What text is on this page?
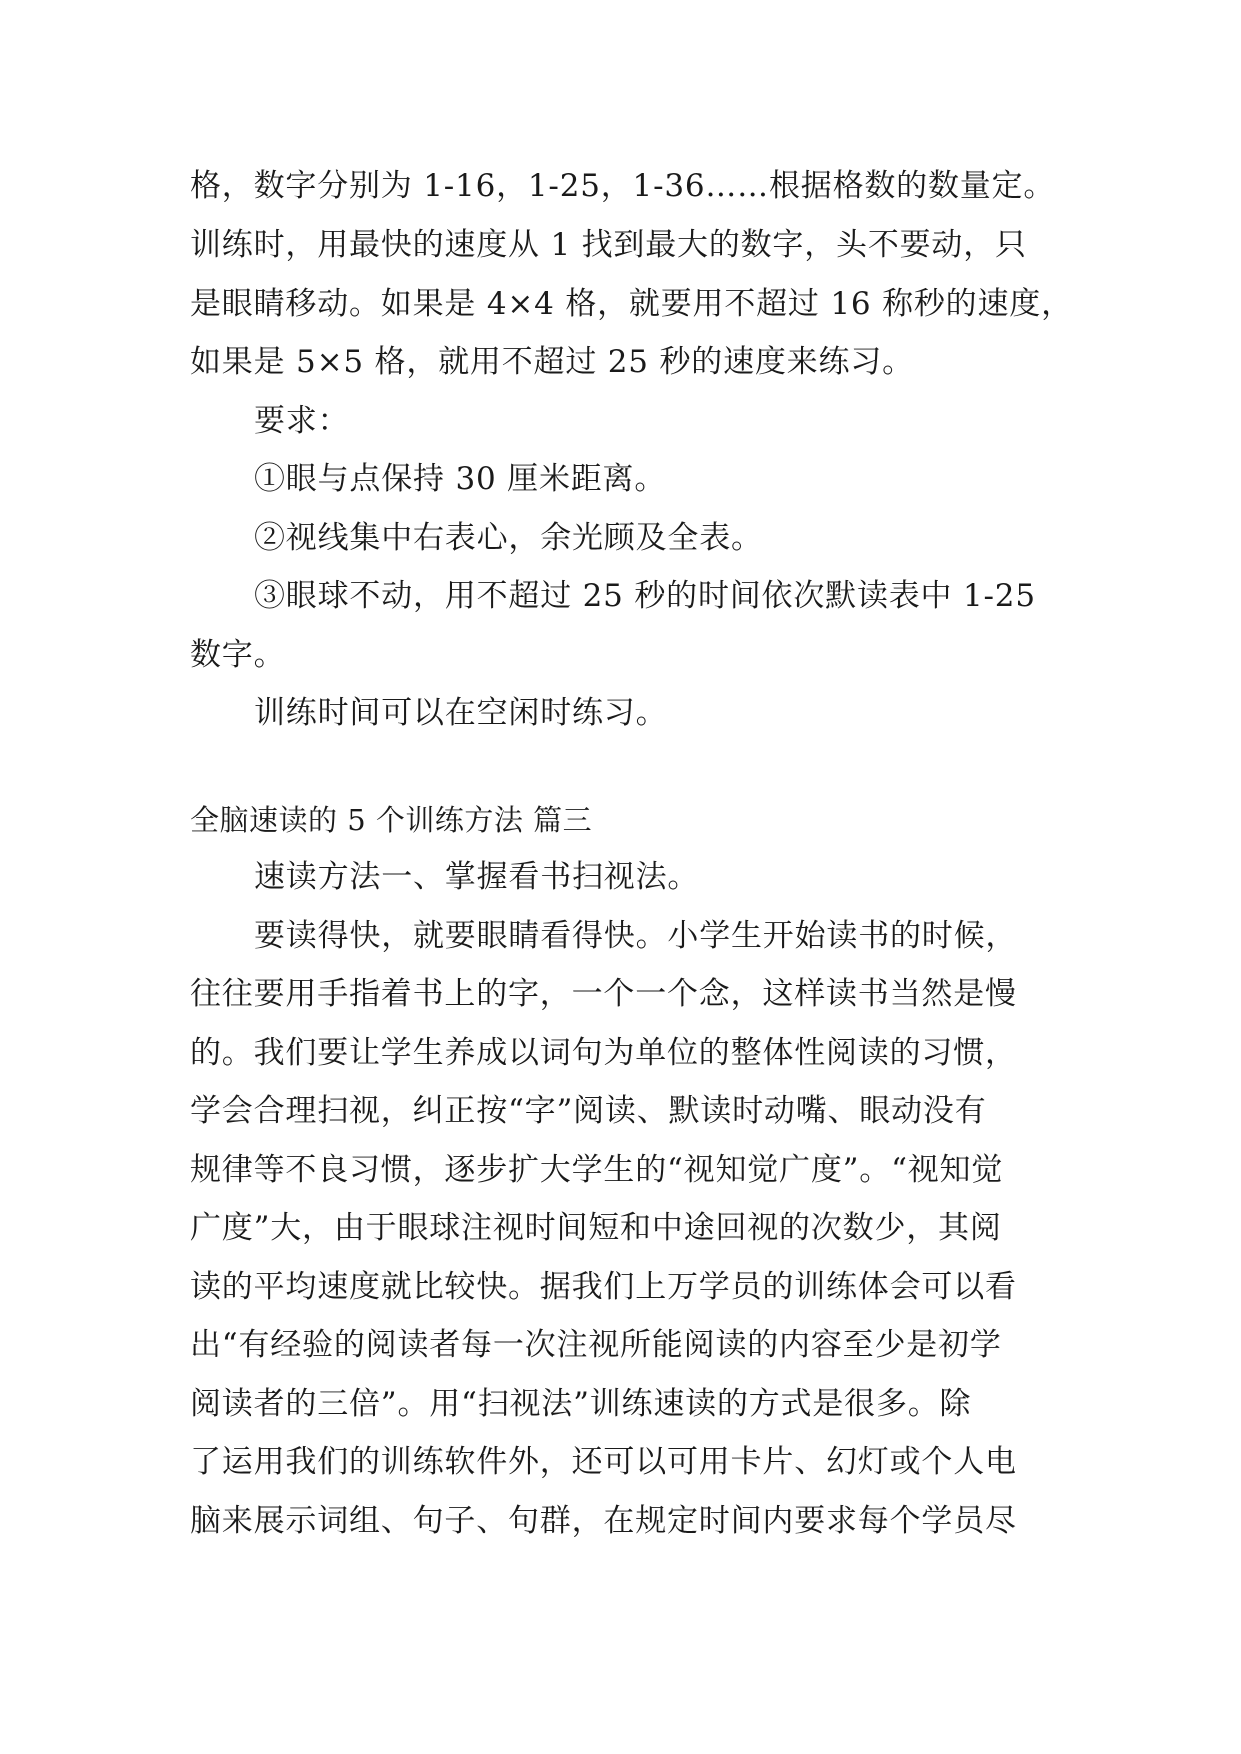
格，数字分别为 1-16，1-25，1-36……根据格数的数量定。
训练时，用最快的速度从 1 找到最大的数字，头不要动，只
是眼睛移动。如果是 4×4 格，就要用不超过 16 称秒的速度，
如果是 5×5 格，就用不超过 25 秒的速度来练习。
要求：
①眼与点保持 30 厘米距离。
②视线集中右表心，余光顾及全表。
③眼球不动，用不超过 25 秒的时间依次默读表中 1-25
数字。
训练时间可以在空闲时练习。
全脑速读的 5 个训练方法 篇三
速读方法一、掌握看书扫视法。
要读得快，就要眼睛看得快。小学生开始读书的时候，
往往要用手指着书上的字，一个一个念，这样读书当然是慢
的。我们要让学生养成以词句为单位的整体性阅读的习惯，
学会合理扫视，纠正按“字”阅读、默读时动嘴、眼动没有
规律等不良习惯，逐步扩大学生的“视知觉广度”。“视知觉
广度”大，由于眼球注视时间短和中途回视的次数少，其阅
读的平均速度就比较快。据我们上万学员的训练体会可以看
出“有经验的阅读者每一次注视所能阅读的内容至少是初学
阅读者的三倍”。用“扫视法”训练速读的方式是很多。除
了运用我们的训练软件外，还可以可用卡片、幻灯或个人电
脑来展示词组、句子、句群，在规定时间内要求每个学员尽
